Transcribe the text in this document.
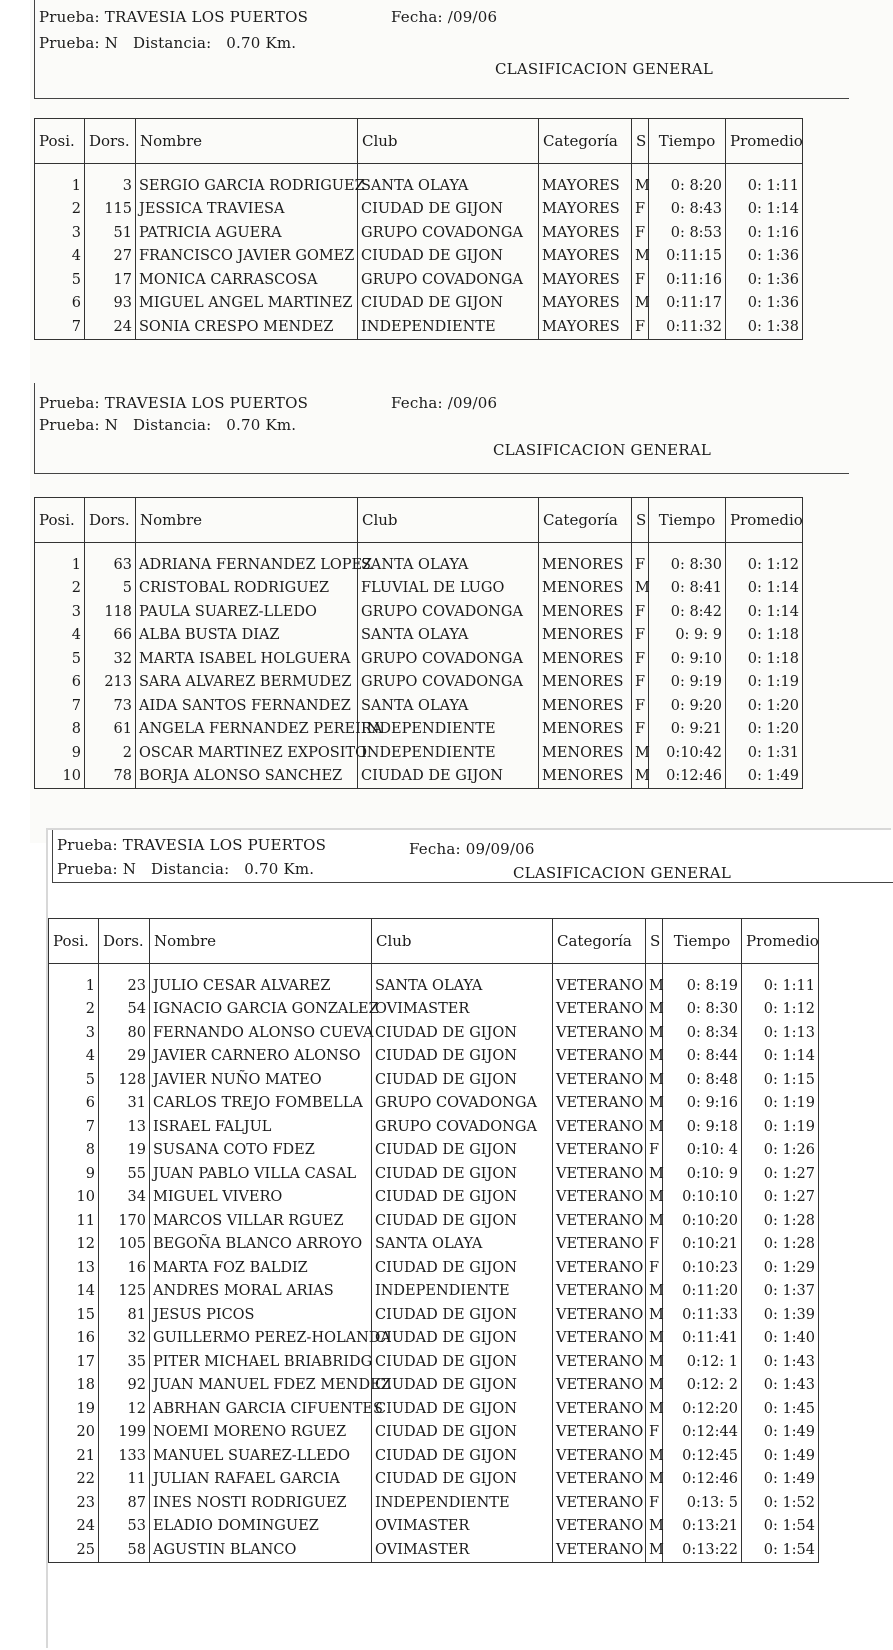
Prueba: TRAVESIA LOS PUERTOS
Prueba: N Distancia: 0.70 Km.
Fecha: /09/06
CLASIFICACION GENERAL
Posi.	Dors.	Nombre	Club	Categoría	S	Tiempo	Promedio
1	3	SERGIO GARCIA RODRIGUEZ	SANTA OLAYA	MAYORES	M	0: 8:20	0: 1:11
2	115	JESSICA TRAVIESA	CIUDAD DE GIJON	MAYORES	F	0: 8:43	0: 1:14
3	51	PATRICIA AGUERA	GRUPO COVADONGA	MAYORES	F	0: 8:53	0: 1:16
4	27	FRANCISCO JAVIER GOMEZ	CIUDAD DE GIJON	MAYORES	M	0:11:15	0: 1:36
5	17	MONICA CARRASCOSA	GRUPO COVADONGA	MAYORES	F	0:11:16	0: 1:36
6	93	MIGUEL ANGEL MARTINEZ	CIUDAD DE GIJON	MAYORES	M	0:11:17	0: 1:36
7	24	SONIA CRESPO MENDEZ	INDEPENDIENTE	MAYORES	F	0:11:32	0: 1:38
Prueba: TRAVESIA LOS PUERTOS
Prueba: N Distancia: 0.70 Km.
Fecha: /09/06
CLASIFICACION GENERAL
Posi.	Dors.	Nombre	Club	Categoría	S	Tiempo	Promedio
1	63	ADRIANA FERNANDEZ LOPEZ	SANTA OLAYA	MENORES	F	0: 8:30	0: 1:12
2	5	CRISTOBAL RODRIGUEZ	FLUVIAL DE LUGO	MENORES	M	0: 8:41	0: 1:14
3	118	PAULA SUAREZ-LLEDO	GRUPO COVADONGA	MENORES	F	0: 8:42	0: 1:14
4	66	ALBA BUSTA DIAZ	SANTA OLAYA	MENORES	F	0: 9: 9	0: 1:18
5	32	MARTA ISABEL HOLGUERA	GRUPO COVADONGA	MENORES	F	0: 9:10	0: 1:18
6	213	SARA ALVAREZ BERMUDEZ	GRUPO COVADONGA	MENORES	F	0: 9:19	0: 1:19
7	73	AIDA SANTOS FERNANDEZ	SANTA OLAYA	MENORES	F	0: 9:20	0: 1:20
8	61	ANGELA FERNANDEZ PEREIRA	INDEPENDIENTE	MENORES	F	0: 9:21	0: 1:20
9	2	OSCAR MARTINEZ EXPOSITO	INDEPENDIENTE	MENORES	M	0:10:42	0: 1:31
10	78	BORJA ALONSO SANCHEZ	CIUDAD DE GIJON	MENORES	M	0:12:46	0: 1:49
Prueba: TRAVESIA LOS PUERTOS
Prueba: N Distancia: 0.70 Km.
Fecha: 09/09/06
CLASIFICACION GENERAL
Posi.	Dors.	Nombre	Club	Categoría	S	Tiempo	Promedio
1	23	JULIO CESAR ALVAREZ	SANTA OLAYA	VETERANO	M	0: 8:19	0: 1:11
2	54	IGNACIO GARCIA GONZALEZ	OVIMASTER	VETERANO	M	0: 8:30	0: 1:12
3	80	FERNANDO ALONSO CUEVA	CIUDAD DE GIJON	VETERANO	M	0: 8:34	0: 1:13
4	29	JAVIER CARNERO ALONSO	CIUDAD DE GIJON	VETERANO	M	0: 8:44	0: 1:14
5	128	JAVIER NUÑO MATEO	CIUDAD DE GIJON	VETERANO	M	0: 8:48	0: 1:15
6	31	CARLOS TREJO FOMBELLA	GRUPO COVADONGA	VETERANO	M	0: 9:16	0: 1:19
7	13	ISRAEL FALJUL	GRUPO COVADONGA	VETERANO	M	0: 9:18	0: 1:19
8	19	SUSANA COTO FDEZ	CIUDAD DE GIJON	VETERANO	F	0:10: 4	0: 1:26
9	55	JUAN PABLO VILLA CASAL	CIUDAD DE GIJON	VETERANO	M	0:10: 9	0: 1:27
10	34	MIGUEL VIVERO	CIUDAD DE GIJON	VETERANO	M	0:10:10	0: 1:27
11	170	MARCOS VILLAR RGUEZ	CIUDAD DE GIJON	VETERANO	M	0:10:20	0: 1:28
12	105	BEGOÑA BLANCO ARROYO	SANTA OLAYA	VETERANO	F	0:10:21	0: 1:28
13	16	MARTA FOZ BALDIZ	CIUDAD DE GIJON	VETERANO	F	0:10:23	0: 1:29
14	125	ANDRES MORAL ARIAS	INDEPENDIENTE	VETERANO	M	0:11:20	0: 1:37
15	81	JESUS PICOS	CIUDAD DE GIJON	VETERANO	M	0:11:33	0: 1:39
16	32	GUILLERMO PEREZ-HOLANDA	CIUDAD DE GIJON	VETERANO	M	0:11:41	0: 1:40
17	35	PITER MICHAEL BRIABRIDG	CIUDAD DE GIJON	VETERANO	M	0:12: 1	0: 1:43
18	92	JUAN MANUEL FDEZ MENDEZ	CIUDAD DE GIJON	VETERANO	M	0:12: 2	0: 1:43
19	12	ABRHAN GARCIA CIFUENTES	CIUDAD DE GIJON	VETERANO	M	0:12:20	0: 1:45
20	199	NOEMI MORENO RGUEZ	CIUDAD DE GIJON	VETERANO	F	0:12:44	0: 1:49
21	133	MANUEL SUAREZ-LLEDO	CIUDAD DE GIJON	VETERANO	M	0:12:45	0: 1:49
22	11	JULIAN RAFAEL GARCIA	CIUDAD DE GIJON	VETERANO	M	0:12:46	0: 1:49
23	87	INES NOSTI RODRIGUEZ	INDEPENDIENTE	VETERANO	F	0:13: 5	0: 1:52
24	53	ELADIO DOMINGUEZ	OVIMASTER	VETERANO	M	0:13:21	0: 1:54
25	58	AGUSTIN BLANCO	OVIMASTER	VETERANO	M	0:13:22	0: 1:54
